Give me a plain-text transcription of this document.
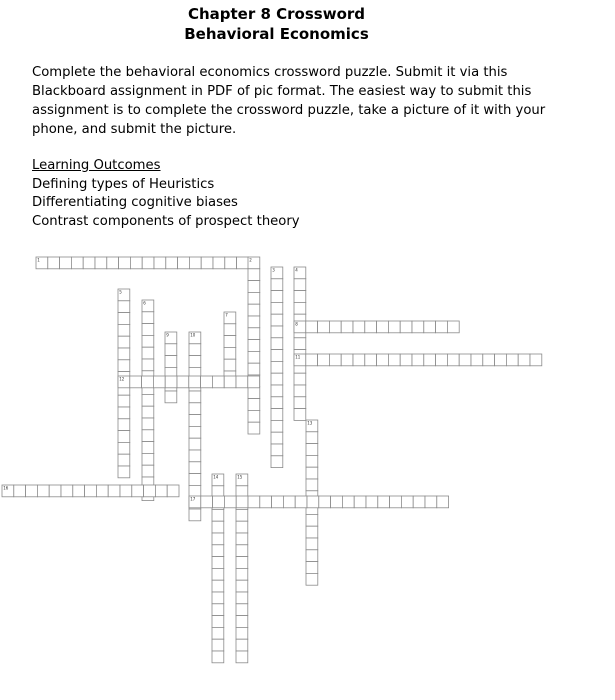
Chapter 8 Crossword
Behavioral Economics

Complete the behavioral economics crossword puzzle. Submit it via this Blackboard assignment in PDF of pic format. The easiest way to submit this assignment is to complete the crossword puzzle, take a picture of it with your phone, and submit the picture.

Learning Outcomes
Defining types of Heuristics
Differentiating cognitive biases
Contrast components of prospect theory
1	2
3	4
5
6
7
8
9	10
11
12
13
14	15
16
17
